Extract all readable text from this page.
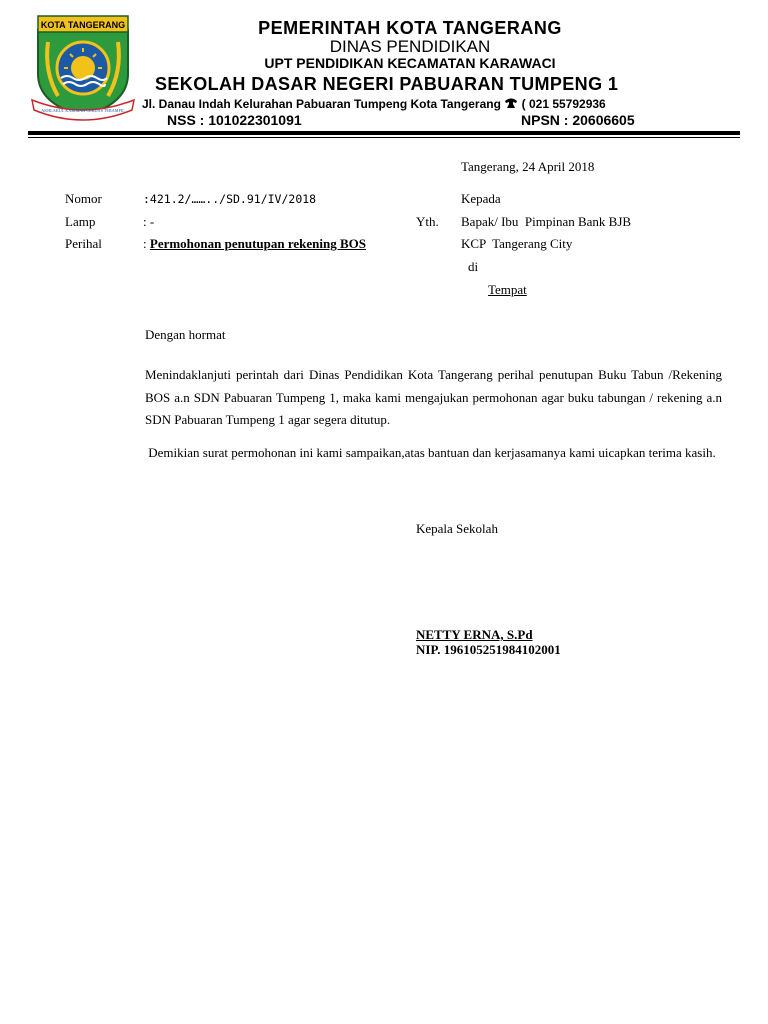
KOTA TANGERANG
AKHLAKUL KARIMAH CERDAS TERAMPIL
PEMERINTAH KOTA TANGERANG
DINAS PENDIDIKAN
UPT PENDIDIKAN KECAMATAN KARAWACI
SEKOLAH DASAR NEGERI PABUARAN TUMPENG 1
Jl. Danau Indah Kelurahan Pabuaran Tumpeng Kota Tangerang ( 021 55792936
NSS : 101022301091	NPSN : 20606605
Tangerang, 24 April 2018
Nomor	:421.2/……../SD.91/IV/2018
Lamp	: -
Perihal	: Permohonan penutupan rekening BOS
Kepada
Yth. Bapak/ Ibu  Pimpinan Bank BJB
KCP  Tangerang City
di
Tempat
Dengan hormat
Menindaklanjuti perintah dari Dinas Pendidikan Kota Tangerang perihal penutupan Buku Tabun /Rekening BOS a.n SDN Pabuaran Tumpeng 1, maka kami mengajukan permohonan agar buku tabungan / rekening a.n SDN Pabuaran Tumpeng 1 agar segera ditutup.
Demikian surat permohonan ini kami sampaikan,atas bantuan dan kerjasamanya kami uicapkan terima kasih.
Kepala Sekolah
NETTY ERNA, S.Pd
NIP. 196105251984102001
